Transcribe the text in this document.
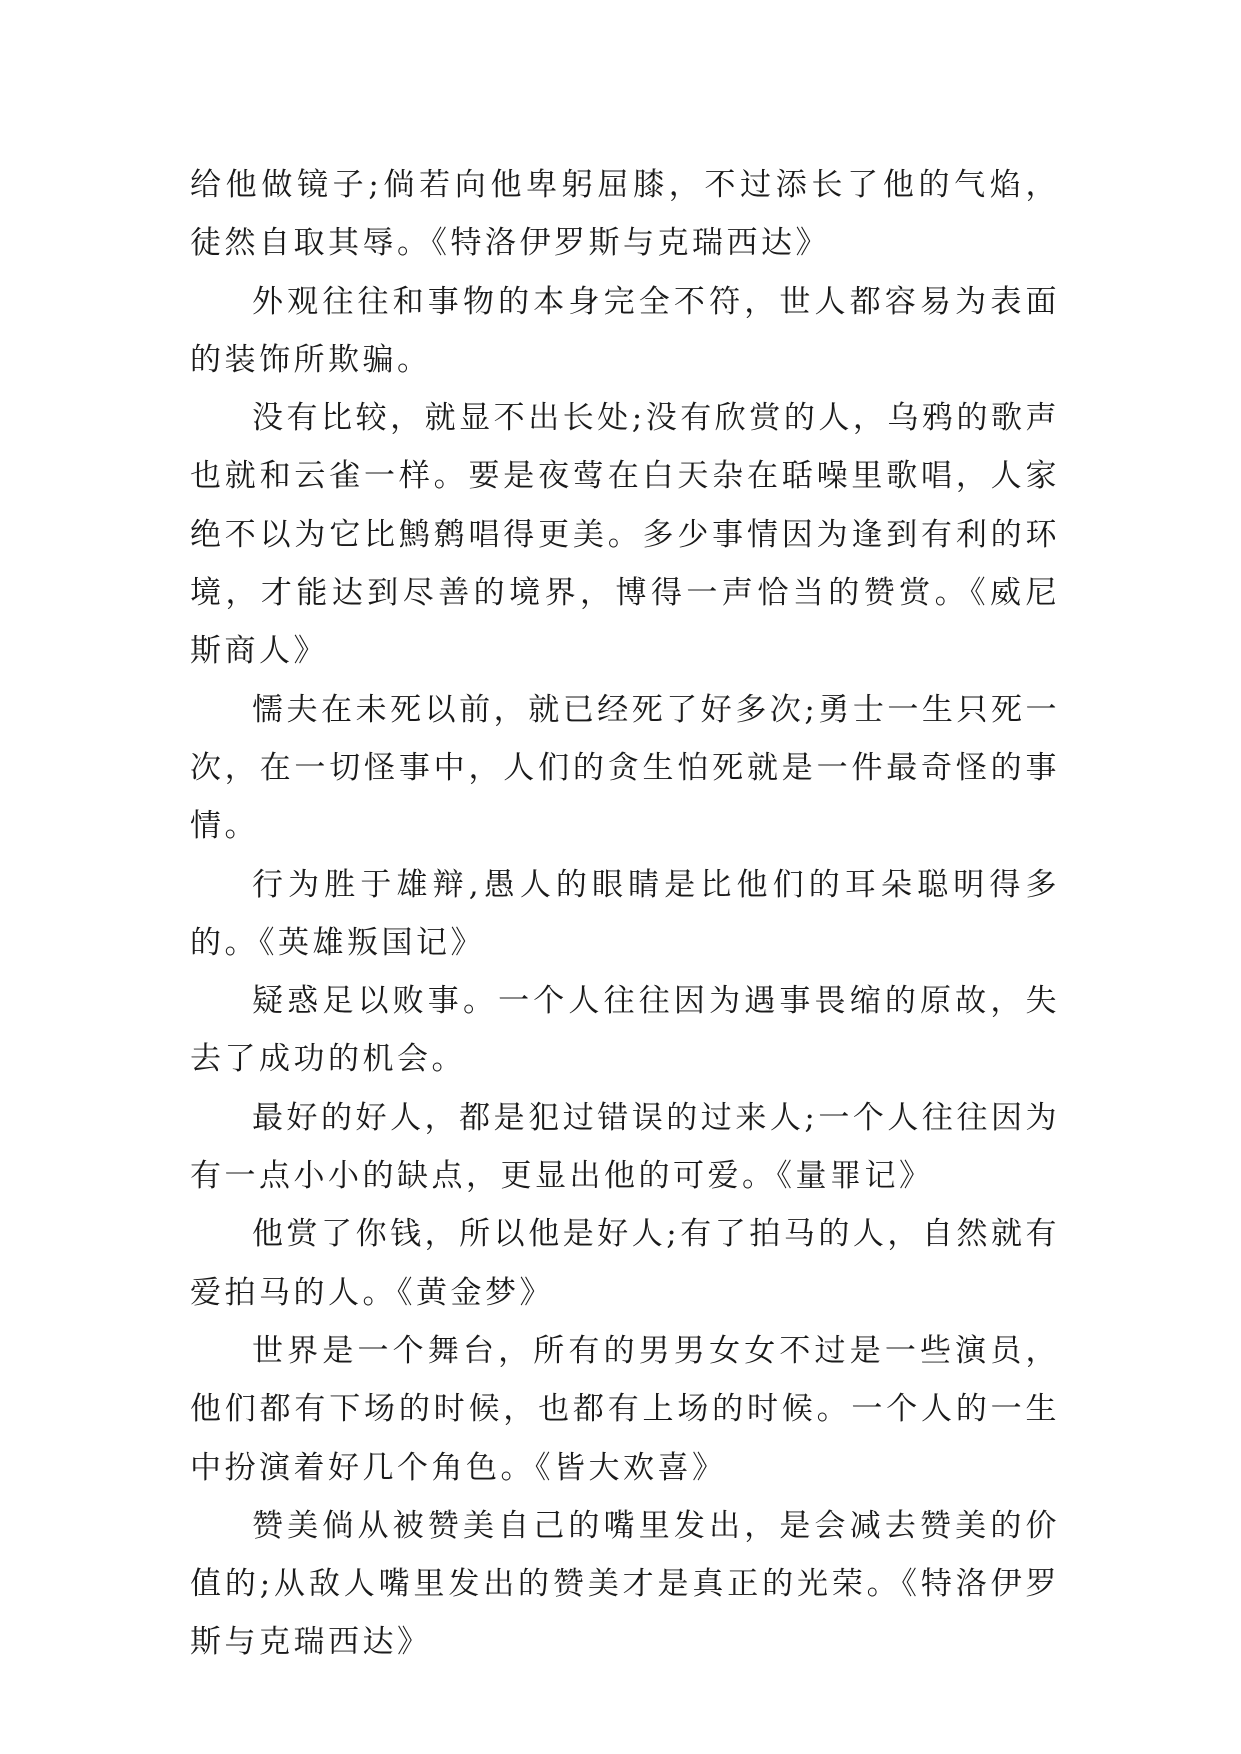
给他做镜子;倘若向他卑躬屈膝，不过添长了他的气焰，徒然自取其辱。《特洛伊罗斯与克瑞西达》

外观往往和事物的本身完全不符，世人都容易为表面的装饰所欺骗。

没有比较，就显不出长处;没有欣赏的人，乌鸦的歌声也就和云雀一样。要是夜莺在白天杂在聒噪里歌唱，人家绝不以为它比鹪鹩唱得更美。多少事情因为逢到有利的环境，才能达到尽善的境界，博得一声恰当的赞赏。《威尼斯商人》

懦夫在未死以前，就已经死了好多次;勇士一生只死一次，在一切怪事中，人们的贪生怕死就是一件最奇怪的事情。

行为胜于雄辩,愚人的眼睛是比他们的耳朵聪明得多的。《英雄叛国记》

疑惑足以败事。一个人往往因为遇事畏缩的原故，失去了成功的机会。

最好的好人，都是犯过错误的过来人;一个人往往因为有一点小小的缺点，更显出他的可爱。《量罪记》

他赏了你钱，所以他是好人;有了拍马的人，自然就有爱拍马的人。《黄金梦》

世界是一个舞台，所有的男男女女不过是一些演员，他们都有下场的时候，也都有上场的时候。一个人的一生中扮演着好几个角色。《皆大欢喜》

赞美倘从被赞美自己的嘴里发出，是会减去赞美的价值的;从敌人嘴里发出的赞美才是真正的光荣。《特洛伊罗斯与克瑞西达》
